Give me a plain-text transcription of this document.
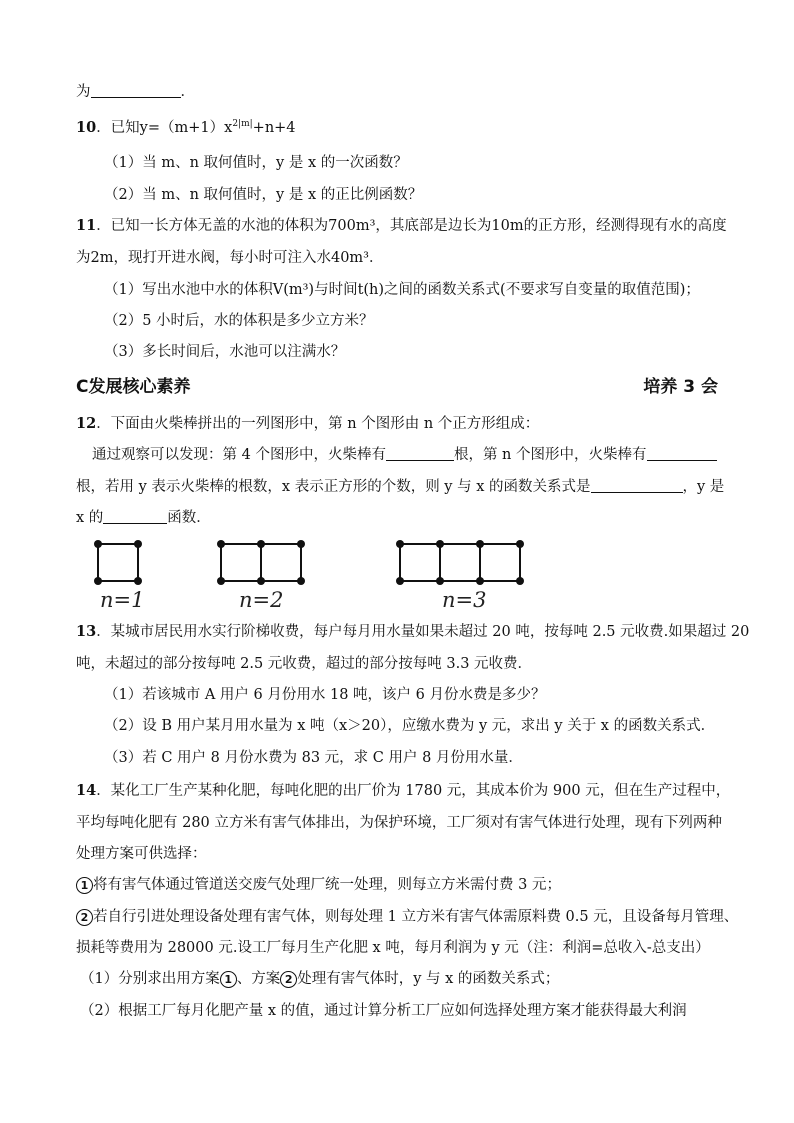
为	．
10．已知$y=(m+1)x^{2|m|}+n+4$
（1）当 m、n 取何值时，y 是 x 的一次函数？
（2）当 m、n 取何值时，y 是 x 的正比例函数？
11．已知一长方体无盖的水池的体积为700m³，其底部是边长为10m的正方形，经测得现有水的高度
为2m，现打开进水阀，每小时可注入水40m³．
（1）写出水池中水的体积V(m³)与时间t(h)之间的函数关系式(不要求写自变量的取值范围)；
（2）5 小时后，水的体积是多少立方米？
（3）多长时间后，水池可以注满水？
C发展核心素养	培养 3 会
12．下面由火柴棒拼出的一列图形中，第 n 个图形由 n 个正方形组成：
通过观察可以发现：第 4 个图形中，火柴棒有	根，第 n 个图形中，火柴棒有
根，若用 y 表示火柴棒的根数，x 表示正方形的个数，则 y 与 x 的函数关系式是	，y 是
x 的	函数．
n=1	n=2	n=3
13．某城市居民用水实行阶梯收费，每户每月用水量如果未超过 20 吨，按每吨 2.5 元收费.如果超过 20
吨，未超过的部分按每吨 2.5 元收费，超过的部分按每吨 3.3 元收费．
（1）若该城市 A 用户 6 月份用水 18 吨，该户 6 月份水费是多少？
（2）设 B 用户某月用水量为 x 吨（x＞20），应缴水费为 y 元，求出 y 关于 x 的函数关系式．
（3）若 C 用户 8 月份水费为 83 元，求 C 用户 8 月份用水量．
14．某化工厂生产某种化肥，每吨化肥的出厂价为 1780 元，其成本价为 900 元，但在生产过程中，
平均每吨化肥有 280 立方米有害气体排出，为保护环境，工厂须对有害气体进行处理，现有下列两种
处理方案可供选择：
1 将有害气体通过管道送交废气处理厂统一处理，则每立方米需付费 3 元；
2 若自行引进处理设备处理有害气体，则每处理 1 立方米有害气体需原料费 0.5 元，且设备每月管理、
损耗等费用为 28000 元.设工厂每月生产化肥 x 吨，每月利润为 y 元（注：利润=总收入-总支出）
（1）分别求出用方案 1 、方案 2 处理有害气体时，y 与 x 的函数关系式；
（2）根据工厂每月化肥产量 x 的值，通过计算分析工厂应如何选择处理方案才能获得最大利润
